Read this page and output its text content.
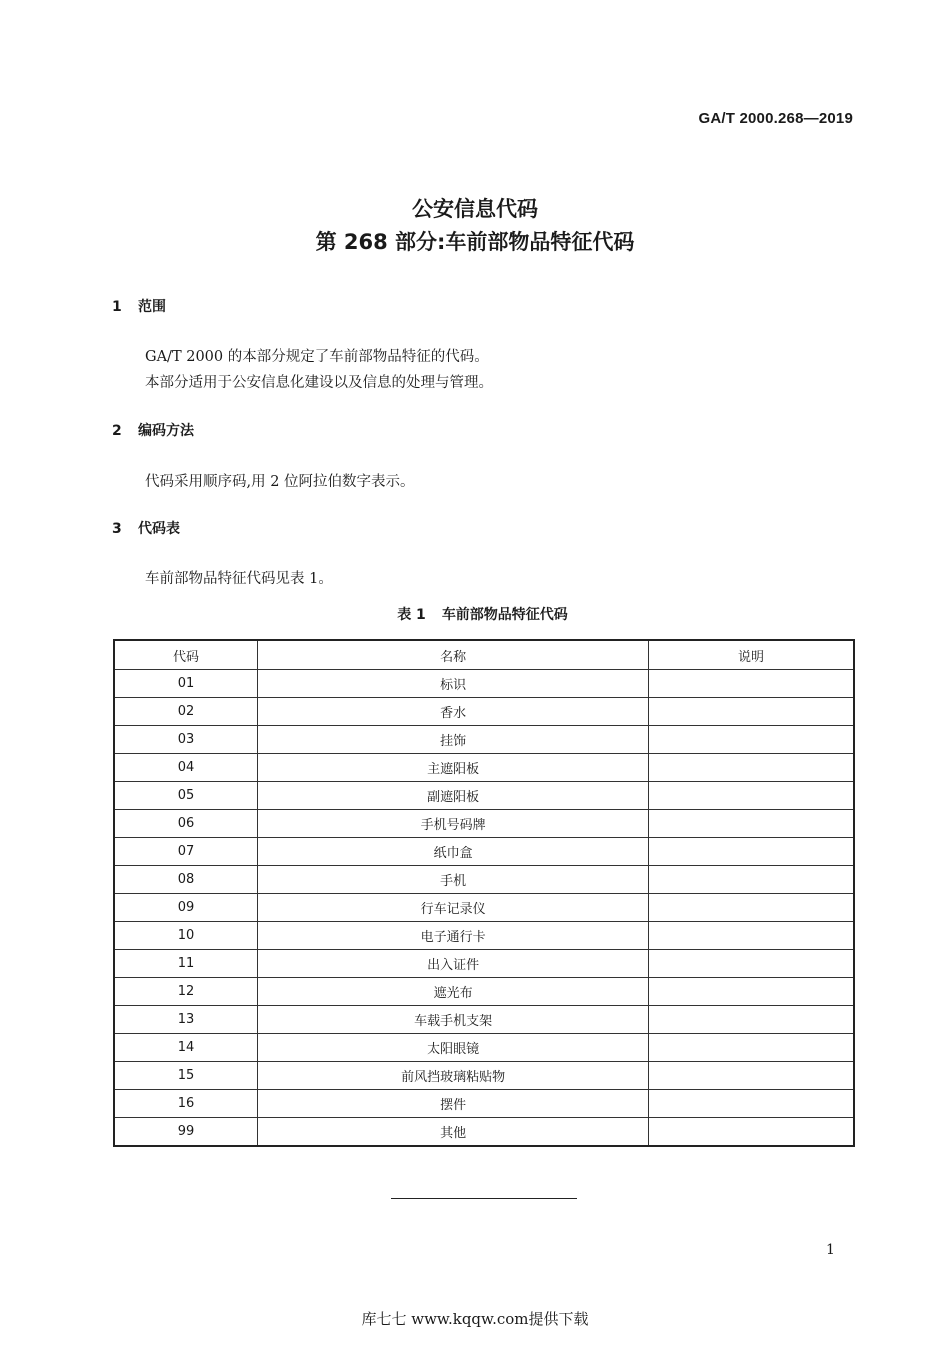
GA/T 2000.268—2019
公安信息代码
第 268 部分:车前部物品特征代码
1 范围
GA/T 2000 的本部分规定了车前部物品特征的代码。
本部分适用于公安信息化建设以及信息的处理与管理。
2 编码方法
代码采用顺序码,用 2 位阿拉伯数字表示。
3 代码表
车前部物品特征代码见表 1。
表 1 车前部物品特征代码
代码	名称	说明
01	标识	
02	香水	
03	挂饰	
04	主遮阳板	
05	副遮阳板	
06	手机号码牌	
07	纸巾盒	
08	手机	
09	行车记录仪	
10	电子通行卡	
11	出入证件	
12	遮光布	
13	车载手机支架	
14	太阳眼镜	
15	前风挡玻璃粘贴物	
16	摆件	
99	其他	
1
库七七 www.kqqw.com提供下载
